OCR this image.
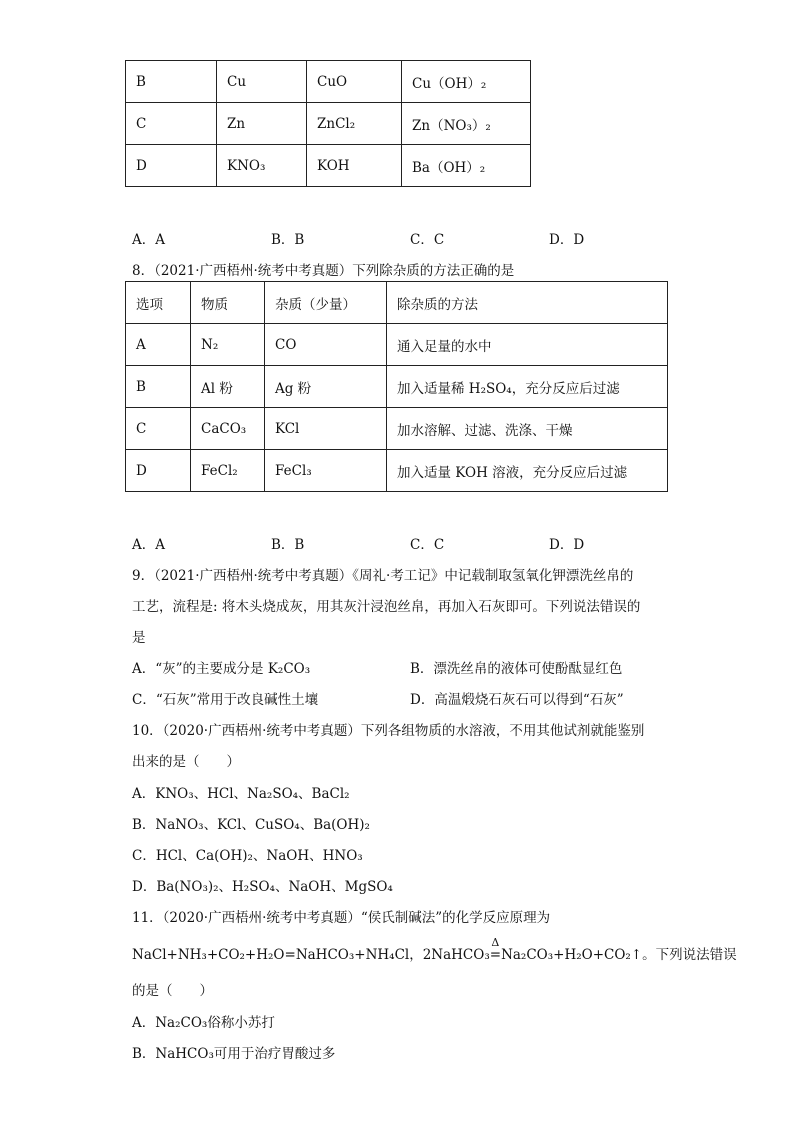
B	Cu	CuO	Cu（OH）₂
C	Zn	ZnCl₂	Zn（NO₃）₂
D	KNO₃	KOH	Ba（OH）₂
A．A	B．B	C．C	D．D
8．（2021·广西梧州·统考中考真题）下列除杂质的方法正确的是
选项	物质	杂质（少量）	除杂质的方法
A	N₂	CO	通入足量的水中
B	Al 粉	Ag 粉	加入适量稀 H₂SO₄，充分反应后过滤
C	CaCO₃	KCl	加水溶解、过滤、洗涤、干燥
D	FeCl₂	FeCl₃	加入适量 KOH 溶液，充分反应后过滤
A．A	B．B	C．C	D．D
9．（2021·广西梧州·统考中考真题）《周礼·考工记》中记载制取氢氧化钾漂洗丝帛的
工艺，流程是: 将木头烧成灰，用其灰汁浸泡丝帛，再加入石灰即可。下列说法错误的
是
A．“灰”的主要成分是 K₂CO₃	B．漂洗丝帛的液体可使酚酞显红色
C．“石灰”常用于改良碱性土壤	D．高温煅烧石灰石可以得到“石灰”
10．（2020·广西梧州·统考中考真题）下列各组物质的水溶液，不用其他试剂就能鉴别
出来的是（　　）
A．KNO₃、HCl、Na₂SO₄、BaCl₂
B．NaNO₃、KCl、CuSO₄、Ba(OH)₂
C．HCl、Ca(OH)₂、NaOH、HNO₃
D．Ba(NO₃)₂、H₂SO₄、NaOH、MgSO₄
11．（2020·广西梧州·统考中考真题）“侯氏制碱法”的化学反应原理为
NaCl+NH₃+CO₂+H₂O=NaHCO₃+NH₄Cl，2NaHCO₃
Δ
=Na₂CO₃+H₂O+CO₂↑。下列说法错误
的是（　　）
A．Na₂CO₃俗称小苏打
B．NaHCO₃可用于治疗胃酸过多
